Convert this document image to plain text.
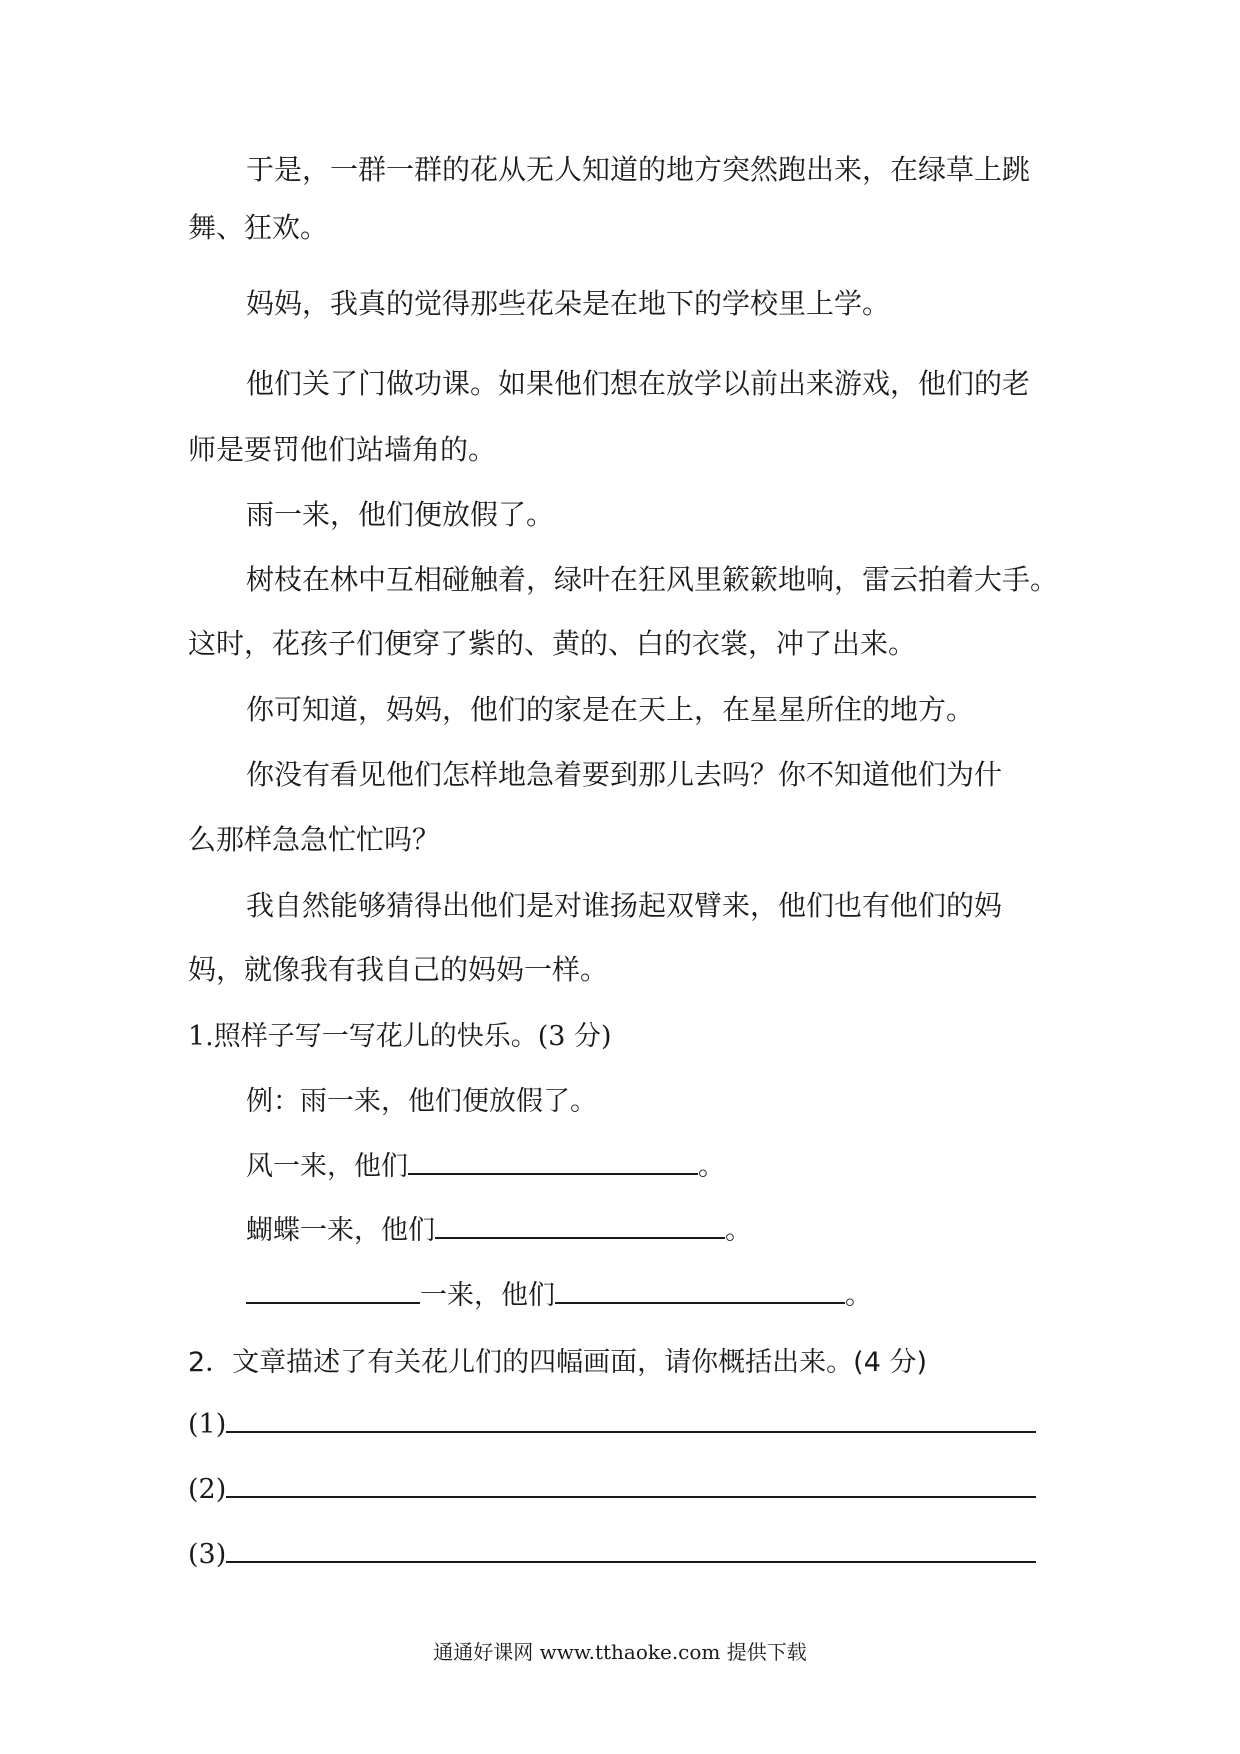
于是，一群一群的花从无人知道的地方突然跑出来，在绿草上跳
舞、狂欢。
妈妈，我真的觉得那些花朵是在地下的学校里上学。
他们关了门做功课。如果他们想在放学以前出来游戏，他们的老
师是要罚他们站墙角的。
雨一来，他们便放假了。
树枝在林中互相碰触着，绿叶在狂风里簌簌地响，雷云拍着大手。
这时，花孩子们便穿了紫的、黄的、白的衣裳，冲了出来。
你可知道，妈妈，他们的家是在天上，在星星所住的地方。
你没有看见他们怎样地急着要到那儿去吗？你不知道他们为什
么那样急急忙忙吗？
我自然能够猜得出他们是对谁扬起双臂来，他们也有他们的妈
妈，就像我有我自己的妈妈一样。
1.照样子写一写花儿的快乐。(3 分)
例：雨一来，他们便放假了。
风一来，他们	。
蝴蝶一来，他们	。
一来，他们	。
2．文章描述了有关花儿们的四幅画面，请你概括出来。(4 分)
(1)
(2)
(3)
通通好课网 www.tthaoke.com 提供下载
